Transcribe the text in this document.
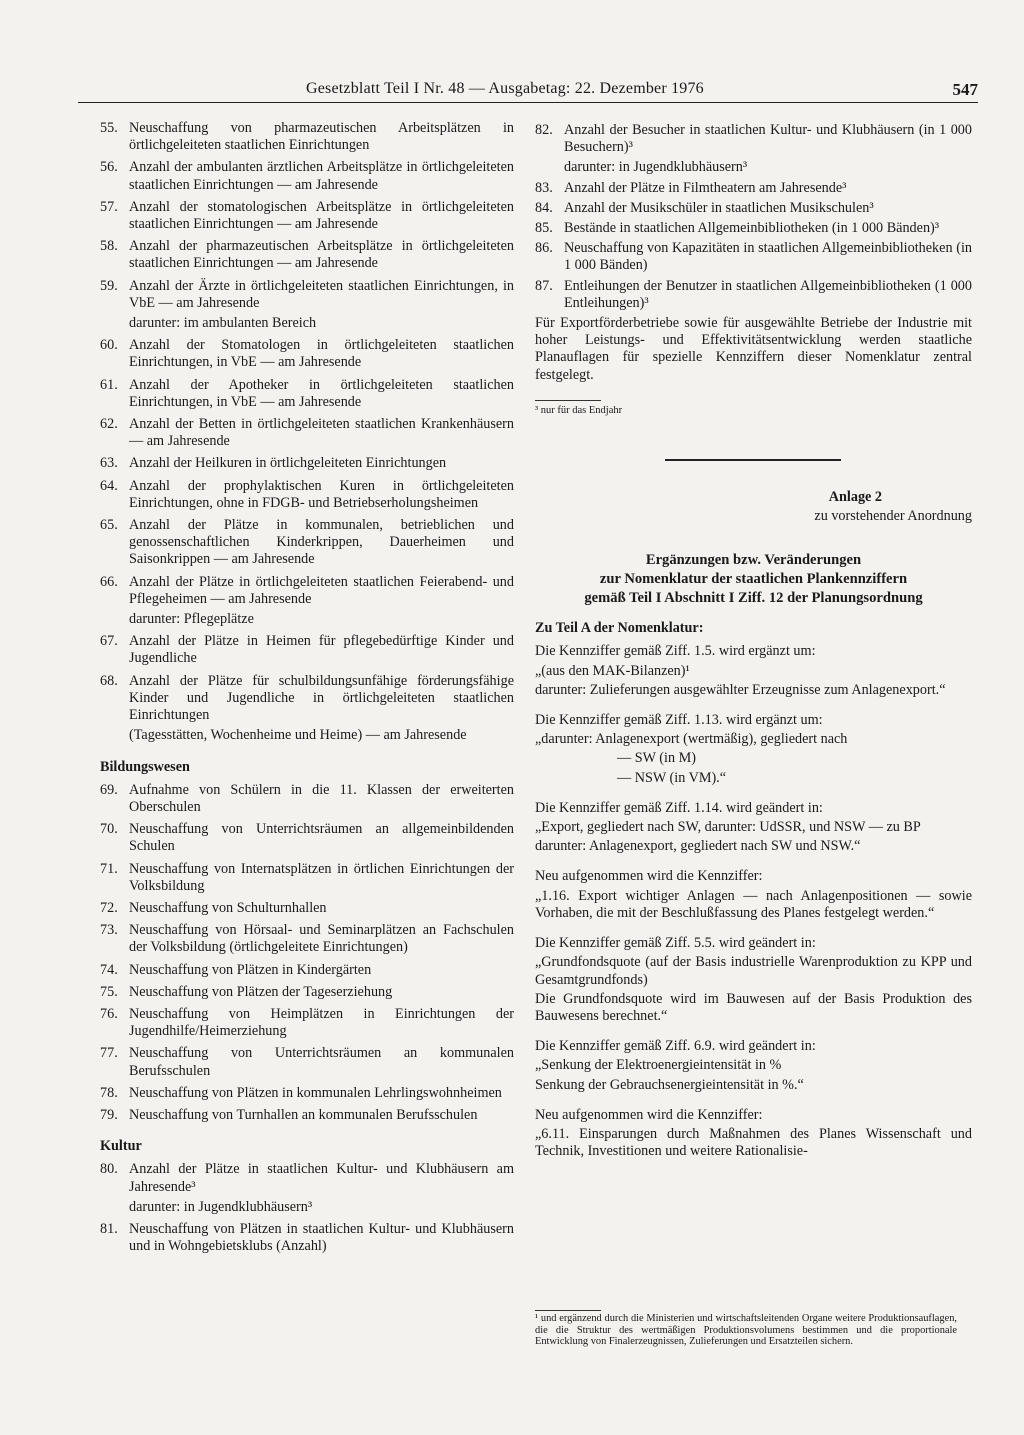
Gesetzblatt Teil I Nr. 48 — Ausgabetag: 22. Dezember 1976	547
55. Neuschaffung von pharmazeutischen Arbeitsplätzen in örtlichgeleiteten staatlichen Einrichtungen
56. Anzahl der ambulanten ärztlichen Arbeitsplätze in örtlichgeleiteten staatlichen Einrichtungen — am Jahresende
57. Anzahl der stomatologischen Arbeitsplätze in örtlichgeleiteten staatlichen Einrichtungen — am Jahresende
58. Anzahl der pharmazeutischen Arbeitsplätze in örtlichgeleiteten staatlichen Einrichtungen — am Jahresende
59. Anzahl der Ärzte in örtlichgeleiteten staatlichen Einrichtungen, in VbE — am Jahresende
darunter: im ambulanten Bereich
60. Anzahl der Stomatologen in örtlichgeleiteten staatlichen Einrichtungen, in VbE — am Jahresende
61. Anzahl der Apotheker in örtlichgeleiteten staatlichen Einrichtungen, in VbE — am Jahresende
62. Anzahl der Betten in örtlichgeleiteten staatlichen Krankenhäusern — am Jahresende
63. Anzahl der Heilkuren in örtlichgeleiteten Einrichtungen
64. Anzahl der prophylaktischen Kuren in örtlichgeleiteten Einrichtungen, ohne in FDGB- und Betriebserholungsheimen
65. Anzahl der Plätze in kommunalen, betrieblichen und genossenschaftlichen Kinderkrippen, Dauerheimen und Saisonkrippen — am Jahresende
66. Anzahl der Plätze in örtlichgeleiteten staatlichen Feierabend- und Pflegeheimen — am Jahresende
darunter: Pflegeplätze
67. Anzahl der Plätze in Heimen für pflegebedürftige Kinder und Jugendliche
68. Anzahl der Plätze für schulbildungsunfähige förderungsfähige Kinder und Jugendliche in örtlichgeleiteten staatlichen Einrichtungen
(Tagesstätten, Wochenheime und Heime) — am Jahresende
Bildungswesen
69. Aufnahme von Schülern in die 11. Klassen der erweiterten Oberschulen
70. Neuschaffung von Unterrichtsräumen an allgemeinbildenden Schulen
71. Neuschaffung von Internatsplätzen in örtlichen Einrichtungen der Volksbildung
72. Neuschaffung von Schulturnhallen
73. Neuschaffung von Hörsaal- und Seminarplätzen an Fachschulen der Volksbildung (örtlichgeleitete Einrichtungen)
74. Neuschaffung von Plätzen in Kindergärten
75. Neuschaffung von Plätzen der Tageserziehung
76. Neuschaffung von Heimplätzen in Einrichtungen der Jugendhilfe/Heimerziehung
77. Neuschaffung von Unterrichtsräumen an kommunalen Berufsschulen
78. Neuschaffung von Plätzen in kommunalen Lehrlingswohnheimen
79. Neuschaffung von Turnhallen an kommunalen Berufsschulen
Kultur
80. Anzahl der Plätze in staatlichen Kultur- und Klubhäusern am Jahresende³
darunter: in Jugendklubhäusern³
81. Neuschaffung von Plätzen in staatlichen Kultur- und Klubhäusern und in Wohngebietsklubs (Anzahl)
82. Anzahl der Besucher in staatlichen Kultur- und Klubhäusern (in 1 000 Besuchern)³
darunter: in Jugendklubhäusern³
83. Anzahl der Plätze in Filmtheatern am Jahresende³
84. Anzahl der Musikschüler in staatlichen Musikschulen³
85. Bestände in staatlichen Allgemeinbibliotheken (in 1 000 Bänden)³
86. Neuschaffung von Kapazitäten in staatlichen Allgemeinbibliotheken (in 1 000 Bänden)
87. Entleihungen der Benutzer in staatlichen Allgemeinbibliotheken (1 000 Entleihungen)³
Für Exportförderbetriebe sowie für ausgewählte Betriebe der Industrie mit hoher Leistungs- und Effektivitätsentwicklung werden staatliche Planauflagen für spezielle Kennziffern dieser Nomenklatur zentral festgelegt.
³ nur für das Endjahr
Anlage 2
zu vorstehender Anordnung
Ergänzungen bzw. Veränderungen
zur Nomenklatur der staatlichen Plankennziffern
gemäß Teil I Abschnitt I Ziff. 12 der Planungsordnung
Zu Teil A der Nomenklatur:

Die Kennziffer gemäß Ziff. 1.5. wird ergänzt um:

„(aus den MAK-Bilanzen)¹

darunter: Zulieferungen ausgewählter Erzeugnisse zum Anlagenexport.“

Die Kennziffer gemäß Ziff. 1.13. wird ergänzt um:

„darunter: Anlagenexport (wertmäßig), gegliedert nach

— SW (in M)

— NSW (in VM).“

Die Kennziffer gemäß Ziff. 1.14. wird geändert in:

„Export, gegliedert nach SW, darunter: UdSSR, und NSW — zu BP

darunter: Anlagenexport, gegliedert nach SW und NSW.“

Neu aufgenommen wird die Kennziffer:

„1.16. Export wichtiger Anlagen — nach Anlagenpositionen — sowie Vorhaben, die mit der Beschlußfassung des Planes festgelegt werden.“

Die Kennziffer gemäß Ziff. 5.5. wird geändert in:

„Grundfondsquote (auf der Basis industrielle Warenproduktion zu KPP und Gesamtgrundfonds)

Die Grundfondsquote wird im Bauwesen auf der Basis Produktion des Bauwesens berechnet.“

Die Kennziffer gemäß Ziff. 6.9. wird geändert in:

„Senkung der Elektroenergieintensität in %

Senkung der Gebrauchsenergieintensität in %.“

Neu aufgenommen wird die Kennziffer:

„6.11. Einsparungen durch Maßnahmen des Planes Wissenschaft und Technik, Investitionen und weitere Rationalisie-

¹ und ergänzend durch die Ministerien und wirtschaftsleitenden Organe weitere Produktionsauflagen, die die Struktur des wertmäßigen Produktionsvolumens bestimmen und die proportionale Entwicklung von Finalerzeugnissen, Zulieferungen und Ersatzteilen sichern.
